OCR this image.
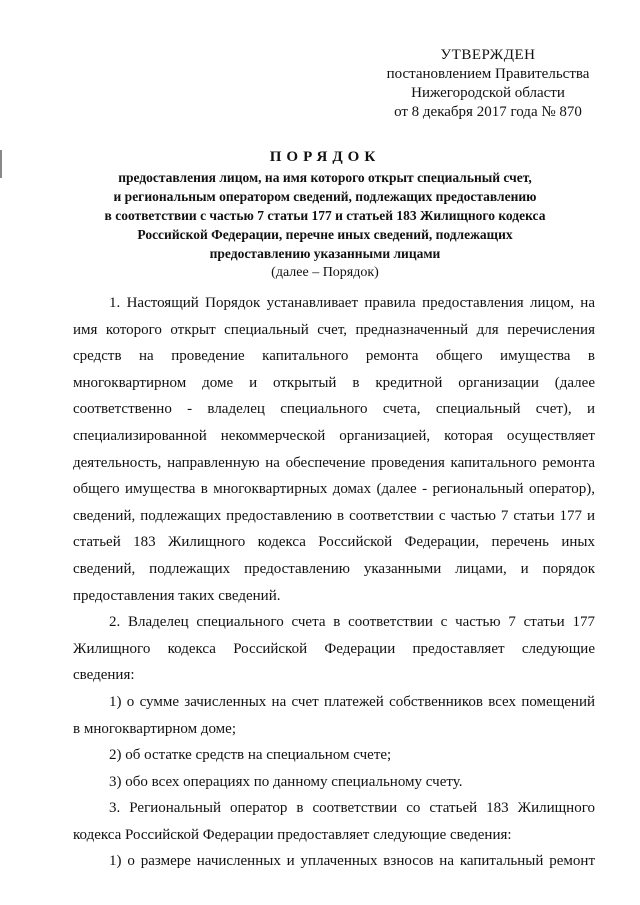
УТВЕРЖДЕН
постановлением Правительства
Нижегородской области
от 8 декабря 2017 года № 870
ПОРЯДОК
предоставления лицом, на имя которого открыт специальный счет,
и региональным оператором сведений, подлежащих предоставлению
в соответствии с частью 7 статьи 177 и статьей 183 Жилищного кодекса
Российской Федерации, перечне иных сведений, подлежащих
предоставлению указанными лицами
(далее – Порядок)
1. Настоящий Порядок устанавливает правила предоставления лицом, на
имя которого открыт специальный счет, предназначенный для перечисления
средств на проведение капитального ремонта общего имущества в
многоквартирном доме и открытый в кредитной организации (далее
соответственно - владелец специального счета, специальный счет), и
специализированной некоммерческой организацией, которая осуществляет
деятельность, направленную на обеспечение проведения капитального ремонта
общего имущества в многоквартирных домах (далее - региональный оператор),
сведений, подлежащих предоставлению в соответствии с частью 7 статьи 177 и
статьей 183 Жилищного кодекса Российской Федерации, перечень иных
сведений, подлежащих предоставлению указанными лицами, и порядок
предоставления таких сведений.
2. Владелец специального счета в соответствии с частью 7 статьи 177
Жилищного кодекса Российской Федерации предоставляет следующие
сведения:
1) о сумме зачисленных на счет платежей собственников всех помещений
в многоквартирном доме;
2) об остатке средств на специальном счете;
3) обо всех операциях по данному специальному счету.
3. Региональный оператор в соответствии со статьей 183 Жилищного
кодекса Российской Федерации предоставляет следующие сведения:
1) о размере начисленных и уплаченных взносов на капитальный ремонт
